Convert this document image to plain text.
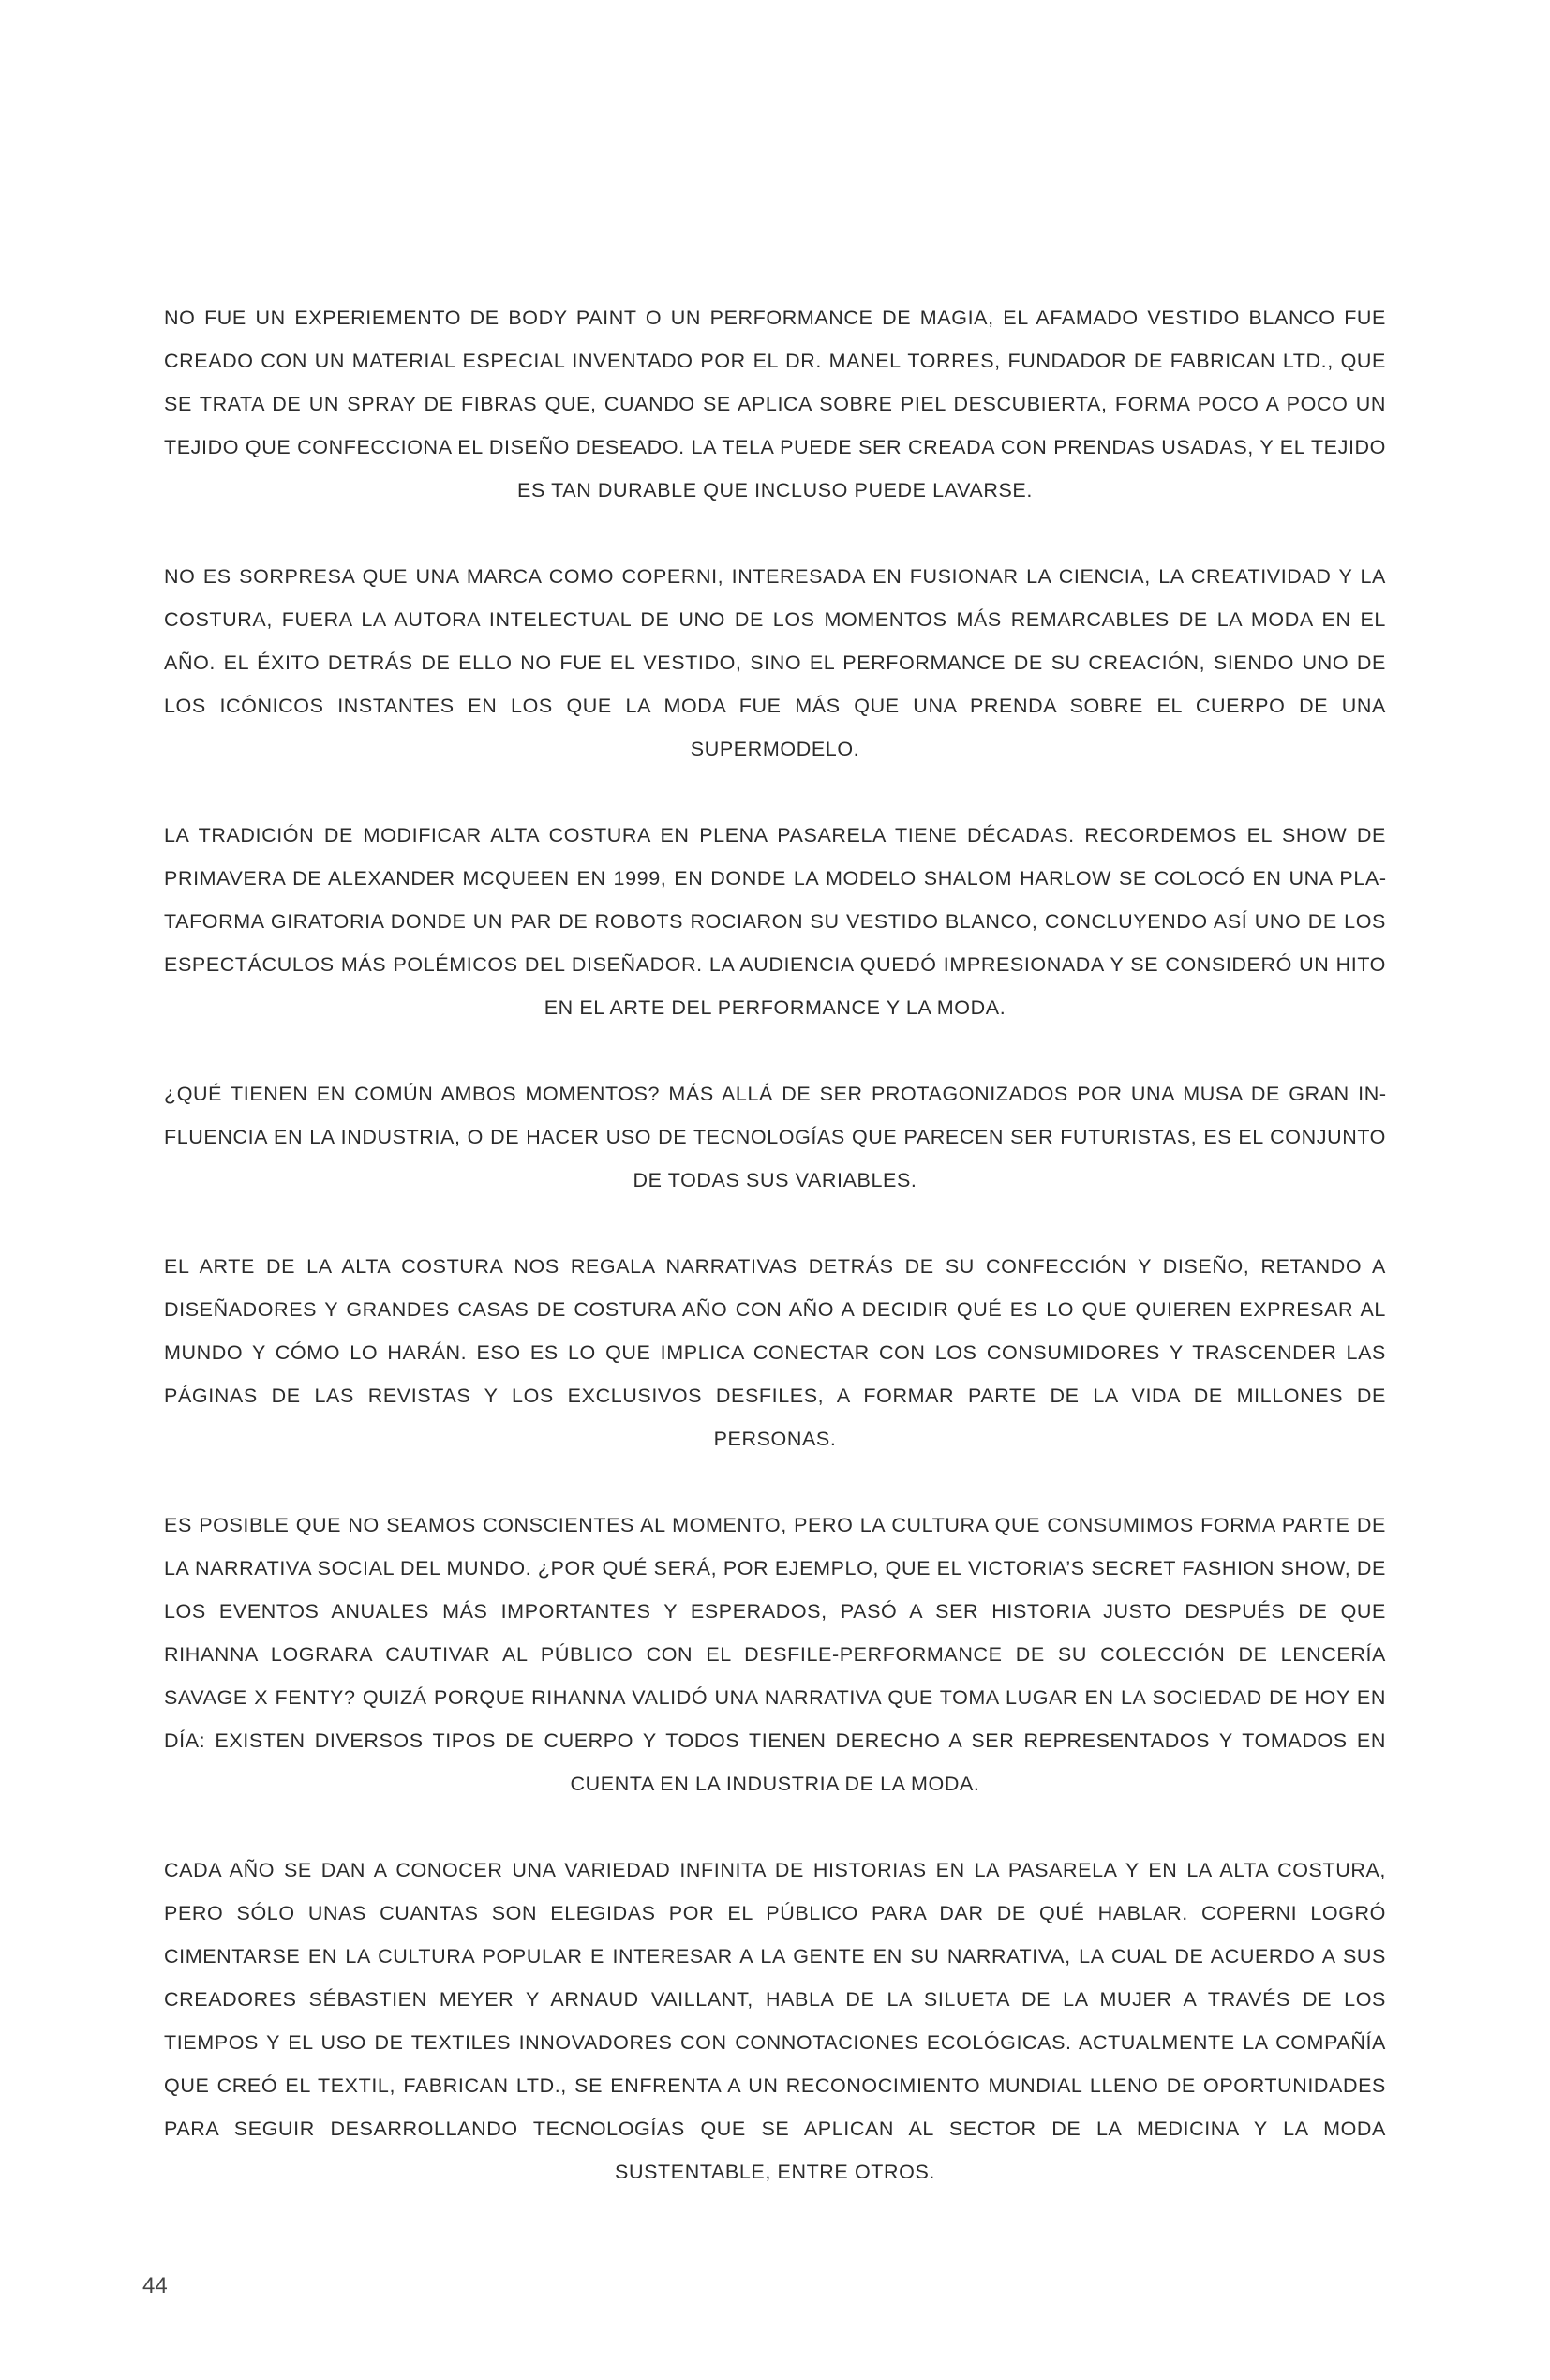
NO FUE UN EXPERIEMENTO DE BODY PAINT O UN PERFORMANCE DE MAGIA, EL AFAMADO VESTIDO BLANCO FUE CREADO CON UN MATERIAL ESPECIAL INVENTADO POR EL DR. MANEL TORRES, FUNDADOR DE FABRICAN LTD., QUE SE TRATA DE UN SPRAY DE FIBRAS QUE, CUANDO SE APLICA SOBRE PIEL DESCUBIERTA, FORMA POCO A POCO UN TEJIDO QUE CONFECCIONA EL DISEÑO DESEADO. LA TELA PUEDE SER CREADA CON PRENDAS USADAS, Y EL TEJIDO ES TAN DURABLE QUE INCLUSO PUEDE LAVARSE.

NO ES SORPRESA QUE UNA MARCA COMO COPERNI, INTERESADA EN FUSIONAR LA CIENCIA, LA CREATIVIDAD Y LA COSTURA, FUERA LA AUTORA INTELECTUAL DE UNO DE LOS MOMENTOS MÁS REMARCABLES DE LA MODA EN EL AÑO. EL ÉXITO DETRÁS DE ELLO NO FUE EL VESTIDO, SINO EL PERFORMANCE DE SU CREACIÓN, SIENDO UNO DE LOS ICÓNICOS INSTANTES EN LOS QUE LA MODA FUE MÁS QUE UNA PRENDA SOBRE EL CUERPO DE UNA SUPERMODELO.

LA TRADICIÓN DE MODIFICAR ALTA COSTURA EN PLENA PASARELA TIENE DÉCADAS. RECORDEMOS EL SHOW DE PRIMAVERA DE ALEXANDER MCQUEEN EN 1999, EN DONDE LA MODELO SHALOM HARLOW SE COLOCÓ EN UNA PLATAFORMA GIRATORIA DONDE UN PAR DE ROBOTS ROCIARON SU VESTIDO BLANCO, CONCLUYENDO ASÍ UNO DE LOS ESPECTÁCULOS MÁS POLÉMICOS DEL DISEÑADOR. LA AUDIENCIA QUEDÓ IMPRESIONADA Y SE CONSIDERÓ UN HITO EN EL ARTE DEL PERFORMANCE Y LA MODA.

¿QUÉ TIENEN EN COMÚN AMBOS MOMENTOS? MÁS ALLÁ DE SER PROTAGONIZADOS POR UNA MUSA DE GRAN INFLUENCIA EN LA INDUSTRIA, O DE HACER USO DE TECNOLOGÍAS QUE PARECEN SER FUTURISTAS, ES EL CONJUNTO DE TODAS SUS VARIABLES.

EL ARTE DE LA ALTA COSTURA NOS REGALA NARRATIVAS DETRÁS DE SU CONFECCIÓN Y DISEÑO, RETANDO A DISEÑADORES Y GRANDES CASAS DE COSTURA AÑO CON AÑO A DECIDIR QUÉ ES LO QUE QUIEREN EXPRESAR AL MUNDO Y CÓMO LO HARÁN. ESO ES LO QUE IMPLICA CONECTAR CON LOS CONSUMIDORES Y TRASCENDER LAS PÁGINAS DE LAS REVISTAS Y LOS EXCLUSIVOS DESFILES, A FORMAR PARTE DE LA VIDA DE MILLONES DE PERSONAS.

ES POSIBLE QUE NO SEAMOS CONSCIENTES AL MOMENTO, PERO LA CULTURA QUE CONSUMIMOS FORMA PARTE DE LA NARRATIVA SOCIAL DEL MUNDO. ¿POR QUÉ SERÁ, POR EJEMPLO, QUE EL VICTORIA’S SECRET FASHION SHOW, DE LOS EVENTOS ANUALES MÁS IMPORTANTES Y ESPERADOS, PASÓ A SER HISTORIA JUSTO DESPUÉS DE QUE RIHANNA LOGRARA CAUTIVAR AL PÚBLICO CON EL DESFILE-PERFORMANCE DE SU COLECCIÓN DE LENCERÍA SAVAGE X FENTY? QUIZÁ PORQUE RIHANNA VALIDÓ UNA NARRATIVA QUE TOMA LUGAR EN LA SOCIEDAD DE HOY EN DÍA: EXISTEN DIVERSOS TIPOS DE CUERPO Y TODOS TIENEN DERECHO A SER REPRESENTADOS Y TOMADOS EN CUENTA EN LA INDUSTRIA DE LA MODA.

CADA AÑO SE DAN A CONOCER UNA VARIEDAD INFINITA DE HISTORIAS EN LA PASARELA Y EN LA ALTA COSTURA, PERO SÓLO UNAS CUANTAS SON ELEGIDAS POR EL PÚBLICO PARA DAR DE QUÉ HABLAR. COPERNI LOGRÓ CIMENTARSE EN LA CULTURA POPULAR E INTERESAR A LA GENTE EN SU NARRATIVA, LA CUAL DE ACUERDO A SUS CREADORES SÉBASTIEN MEYER Y ARNAUD VAILLANT, HABLA DE LA SILUETA DE LA MUJER A TRAVÉS DE LOS TIEMPOS Y EL USO DE TEXTILES INNOVADORES CON CONNOTACIONES ECOLÓGICAS. ACTUALMENTE LA COMPAÑÍA QUE CREÓ EL TEXTIL, FABRICAN LTD., SE ENFRENTA A UN RECONOCIMIENTO MUNDIAL LLENO DE OPORTUNIDADES PARA SEGUIR DESARROLLANDO TECNOLOGÍAS QUE SE APLICAN AL SECTOR DE LA MEDICINA Y LA MODA SUSTENTABLE, ENTRE OTROS.

44
